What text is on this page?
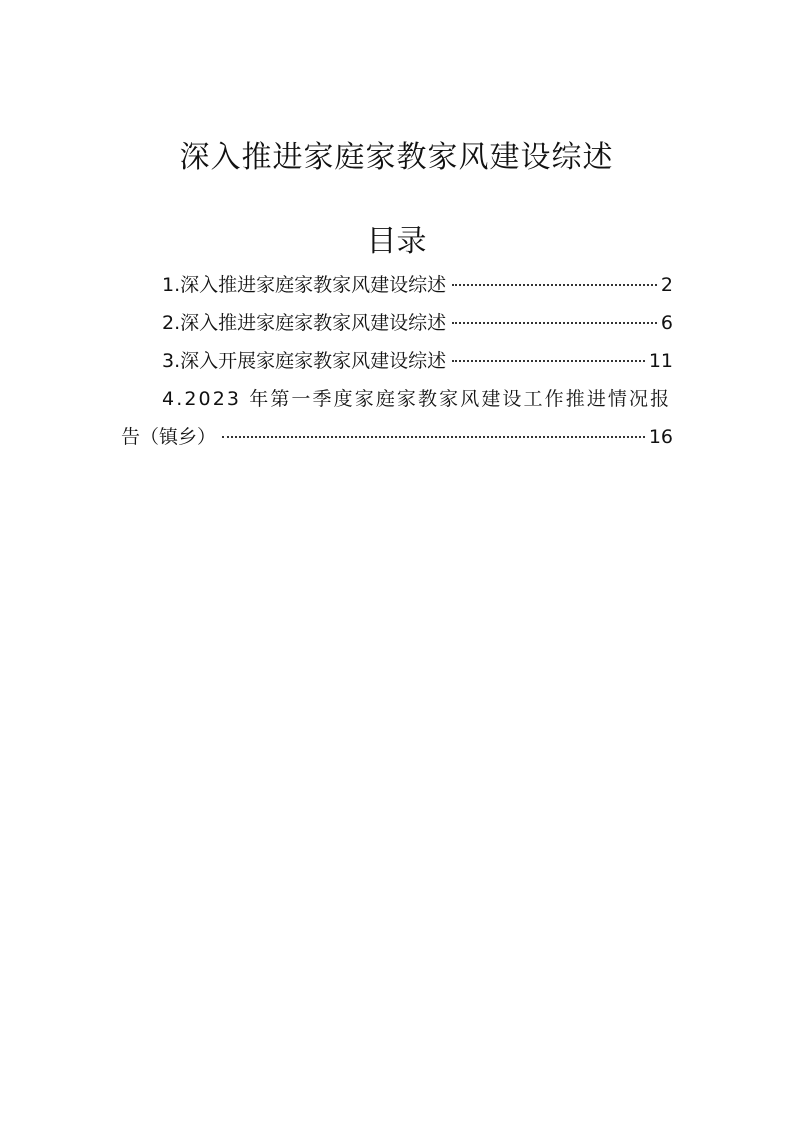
深入推进家庭家教家风建设综述
目录
1.深入推进家庭家教家风建设综述	2
2.深入推进家庭家教家风建设综述	6
3.深入开展家庭家教家风建设综述	11
4.2023 年第一季度家庭家教家风建设工作推进情况报
告（镇乡）	16
